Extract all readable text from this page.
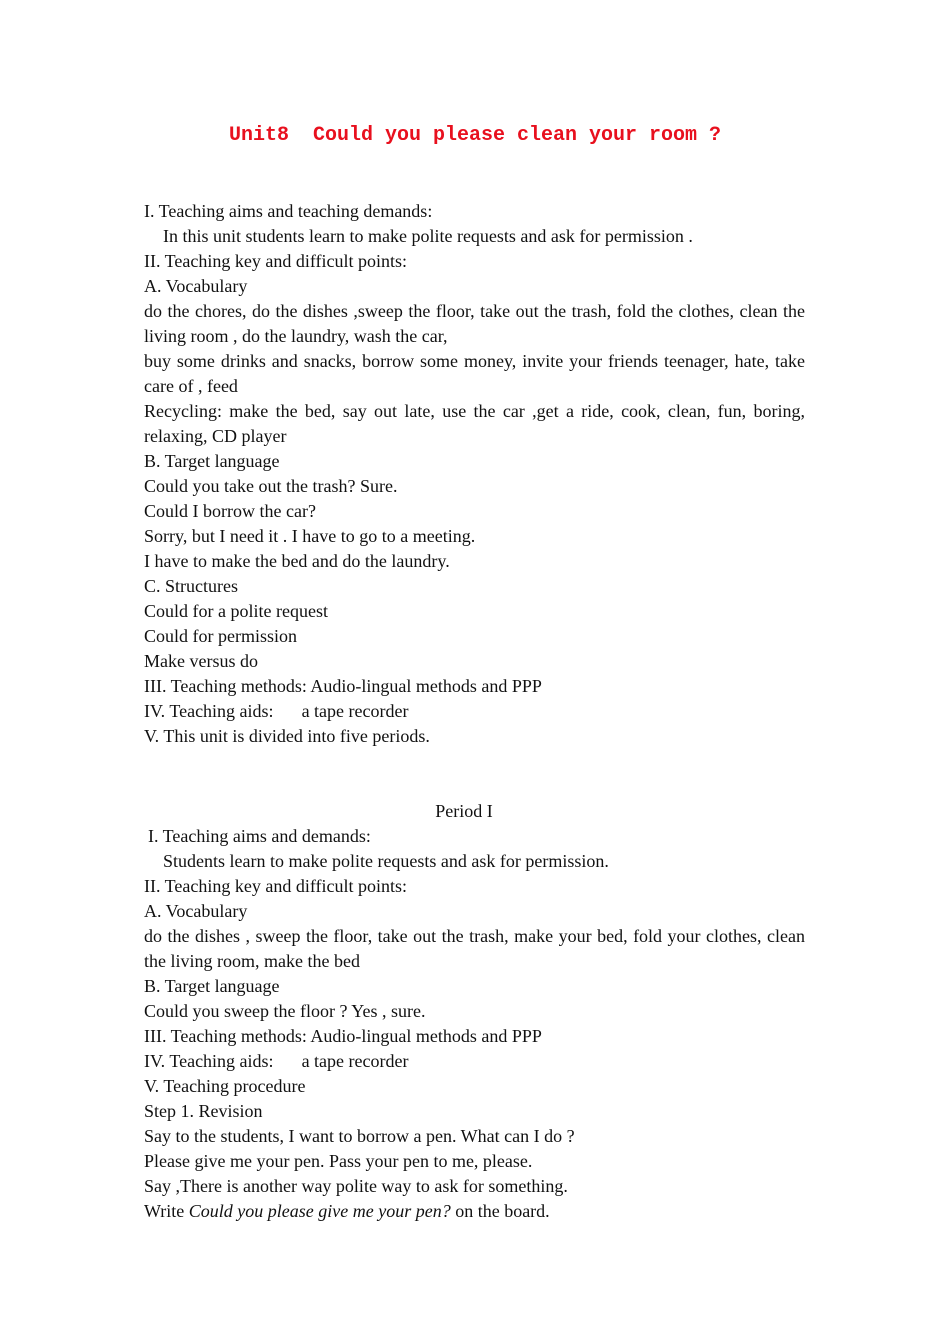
Unit8  Could you please clean your room ?
I. Teaching aims and teaching demands:
In this unit students learn to make polite requests and ask for permission .
II. Teaching key and difficult points:
A. Vocabulary
do the chores, do the dishes ,sweep the floor, take out the trash, fold the clothes, clean the living room , do the laundry, wash the car,
buy some drinks and snacks, borrow some money, invite your friends teenager, hate, take care of , feed
Recycling: make the bed, say out late, use the car ,get a ride, cook, clean, fun, boring, relaxing, CD player
B. Target language
Could you take out the trash? Sure.
Could I borrow the car?
Sorry, but I need it . I have to go to a meeting.
I have to make the bed and do the laundry.
C. Structures
Could for a polite request
Could for permission
Make versus do
III. Teaching methods: Audio-lingual methods and PPP
IV. Teaching aids: a tape recorder
V. This unit is divided into five periods.
Period I
I. Teaching aims and demands:
Students learn to make polite requests and ask for permission.
II. Teaching key and difficult points:
A. Vocabulary
do the dishes , sweep the floor, take out the trash, make your bed, fold your clothes, clean the living room, make the bed
B. Target language
Could you sweep the floor ? Yes , sure.
III. Teaching methods: Audio-lingual methods and PPP
IV. Teaching aids: a tape recorder
V. Teaching procedure
Step 1. Revision
Say to the students, I want to borrow a pen. What can I do ?
Please give me your pen. Pass your pen to me, please.
Say ,There is another way polite way to ask for something.
Write Could you please give me your pen? on the board.
